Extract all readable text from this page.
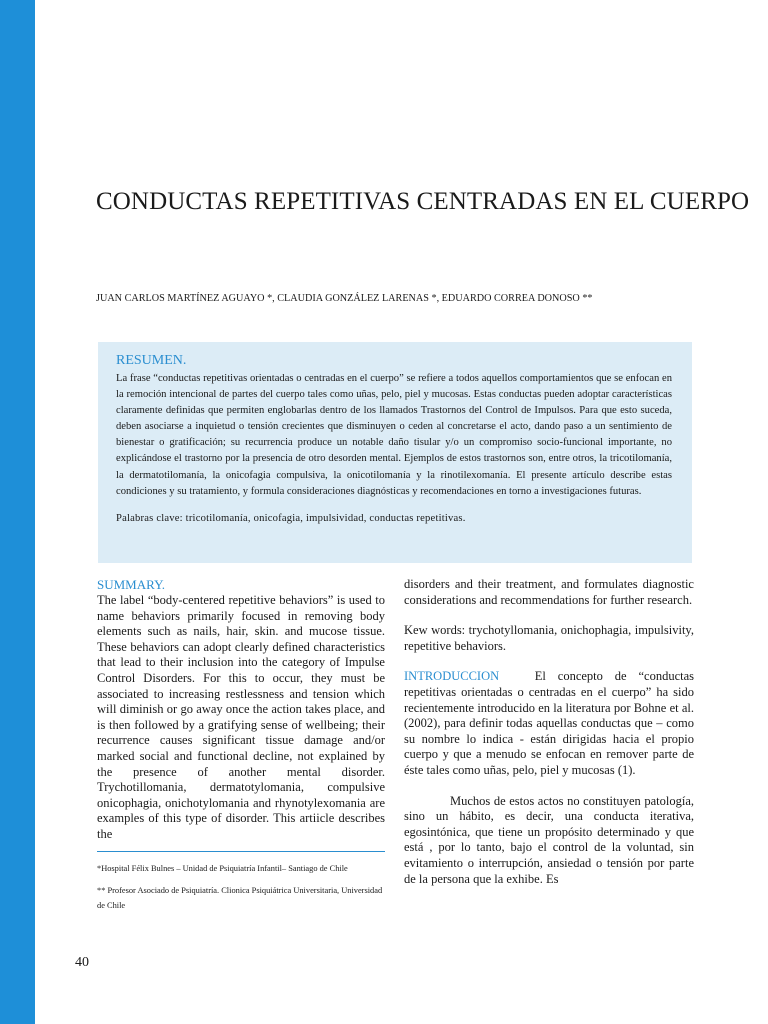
CONDUCTAS REPETITIVAS CENTRADAS EN EL CUERPO
JUAN CARLOS MARTÍNEZ AGUAYO *, CLAUDIA GONZÁLEZ LARENAS *, EDUARDO CORREA DONOSO **
RESUMEN.

La frase “conductas repetitivas orientadas o centradas en el cuerpo” se refiere a todos aquellos comportamientos que se enfocan en la remoción intencional de partes del cuerpo tales como uñas, pelo, piel y mucosas. Estas conductas pueden adoptar características claramente definidas que permiten englobarlas dentro de los llamados Trastornos del Control de Impulsos. Para que esto suceda, deben asociarse a inquietud o tensión crecientes que disminuyen o ceden al concretarse el acto, dando paso a un sentimiento de bienestar o gratificación; su recurrencia produce un notable daño tisular y/o un compromiso socio-funcional importante, no explicándose el trastorno por la presencia de otro desorden mental. Ejemplos de estos trastornos son, entre otros, la tricotilomanía, la dermatotilomanía, la onicofagia compulsiva, la onicotilomanía y la rinotilexomanía. El presente artículo describe estas condiciones y su tratamiento, y formula consideraciones diagnósticas y recomendaciones en torno a investigaciones futuras.

Palabras clave: tricotilomanía, onicofagia, impulsividad, conductas repetitivas.
SUMMARY.

The label “body-centered repetitive behaviors” is used to name behaviors primarily focused in removing body elements such as nails, hair, skin. and mucose tissue. These behaviors can adopt clearly defined characteristics that lead to their inclusion into the category of Impulse Control Disorders. For this to occur, they must be associated to increasing restlessness and tension which will diminish or go away once the action takes place, and is then followed by a gratifying sense of wellbeing; their recurrence causes significant tissue damage and/or marked social and functional decline, not explained by the presence of another mental disorder. Trychotillomania, dermatotylomania, compulsive onicophagia, onichotylomania and rhynotylexomania are examples of this type of disorder. This artiicle describes the

*Hospital Félix Bulnes – Unidad de Psiquiatría Infantil– Santiago de Chile

** Profesor Asociado de Psiquiatría. Clionica Psiquiátrica Universitaria, Universidad de Chile

disorders and their treatment, and formulates diagnostic considerations and recommendations for further research.

Kew words: trychotyllomania, onichophagia, impulsivity, repetitive behaviors.

INTRODUCCION	El concepto de “conductas repetitivas orientadas o centradas en el cuerpo” ha sido recientemente introducido en la literatura por Bohne et al. (2002), para definir todas aquellas conductas que – como su nombre lo indica - están dirigidas hacia el propio cuerpo y que a menudo se enfocan en remover parte de éste tales como uñas, pelo, piel y mucosas (1).

Muchos de estos actos no constituyen patología, sino un hábito, es decir, una conducta iterativa, egosintónica, que tiene un propósito determinado y que está , por lo tanto, bajo el control de la voluntad, sin evitamiento o interrupción, ansiedad o tensión por parte de la persona que la exhibe. Es

40
